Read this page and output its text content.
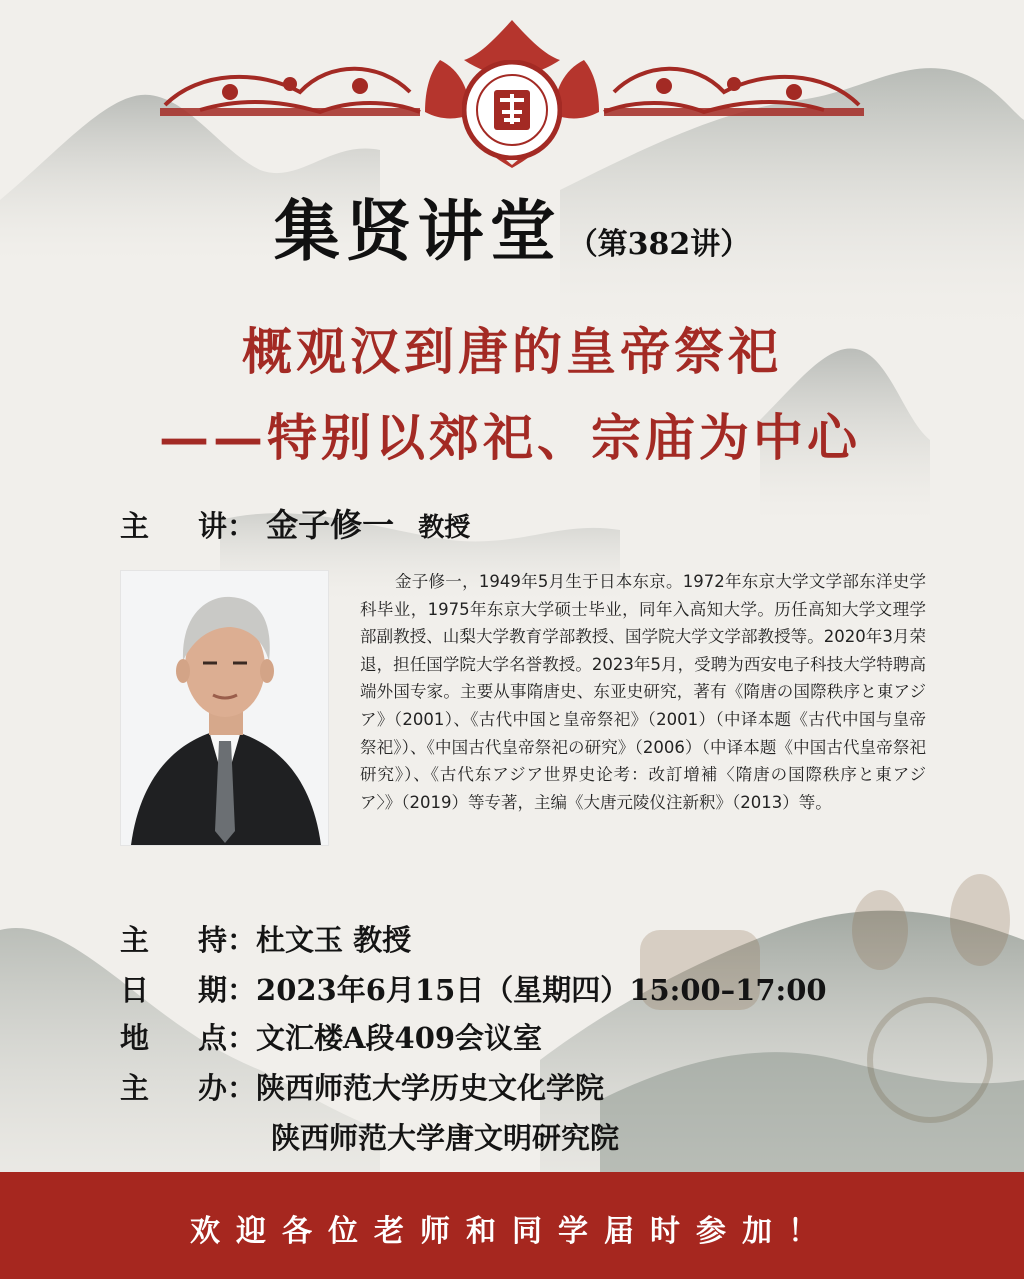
集贤讲堂 （第382讲）
概观汉到唐的皇帝祭祀
——特别以郊祀、宗庙为中心
主 讲： 金子修一 教授
金子修一，1949年5月生于日本东京。1972年东京大学文学部东洋史学科毕业，1975年东京大学硕士毕业，同年入高知大学。历任高知大学文理学部副教授、山梨大学教育学部教授、国学院大学文学部教授等。2020年3月荣退，担任国学院大学名誉教授。2023年5月，受聘为西安电子科技大学特聘高端外国专家。主要从事隋唐史、东亚史研究，著有《隋唐の国際秩序と東アジア》（2001）、《古代中国と皇帝祭祀》（2001）（中译本题《古代中国与皇帝祭祀》）、《中国古代皇帝祭祀の研究》（2006）（中译本题《中国古代皇帝祭祀研究》）、《古代东アジア世界史论考：改訂增補〈隋唐の国際秩序と東アジア〉》（2019）等专著，主编《大唐元陵仪注新釈》（2013）等。
主 持：杜文玉 教授
日 期：2023年6月15日（星期四）15:00–17:00
地 点：文汇楼A段409会议室
主 办：陕西师范大学历史文化学院
陕西师范大学唐文明研究院
欢迎各位老师和同学届时参加！
